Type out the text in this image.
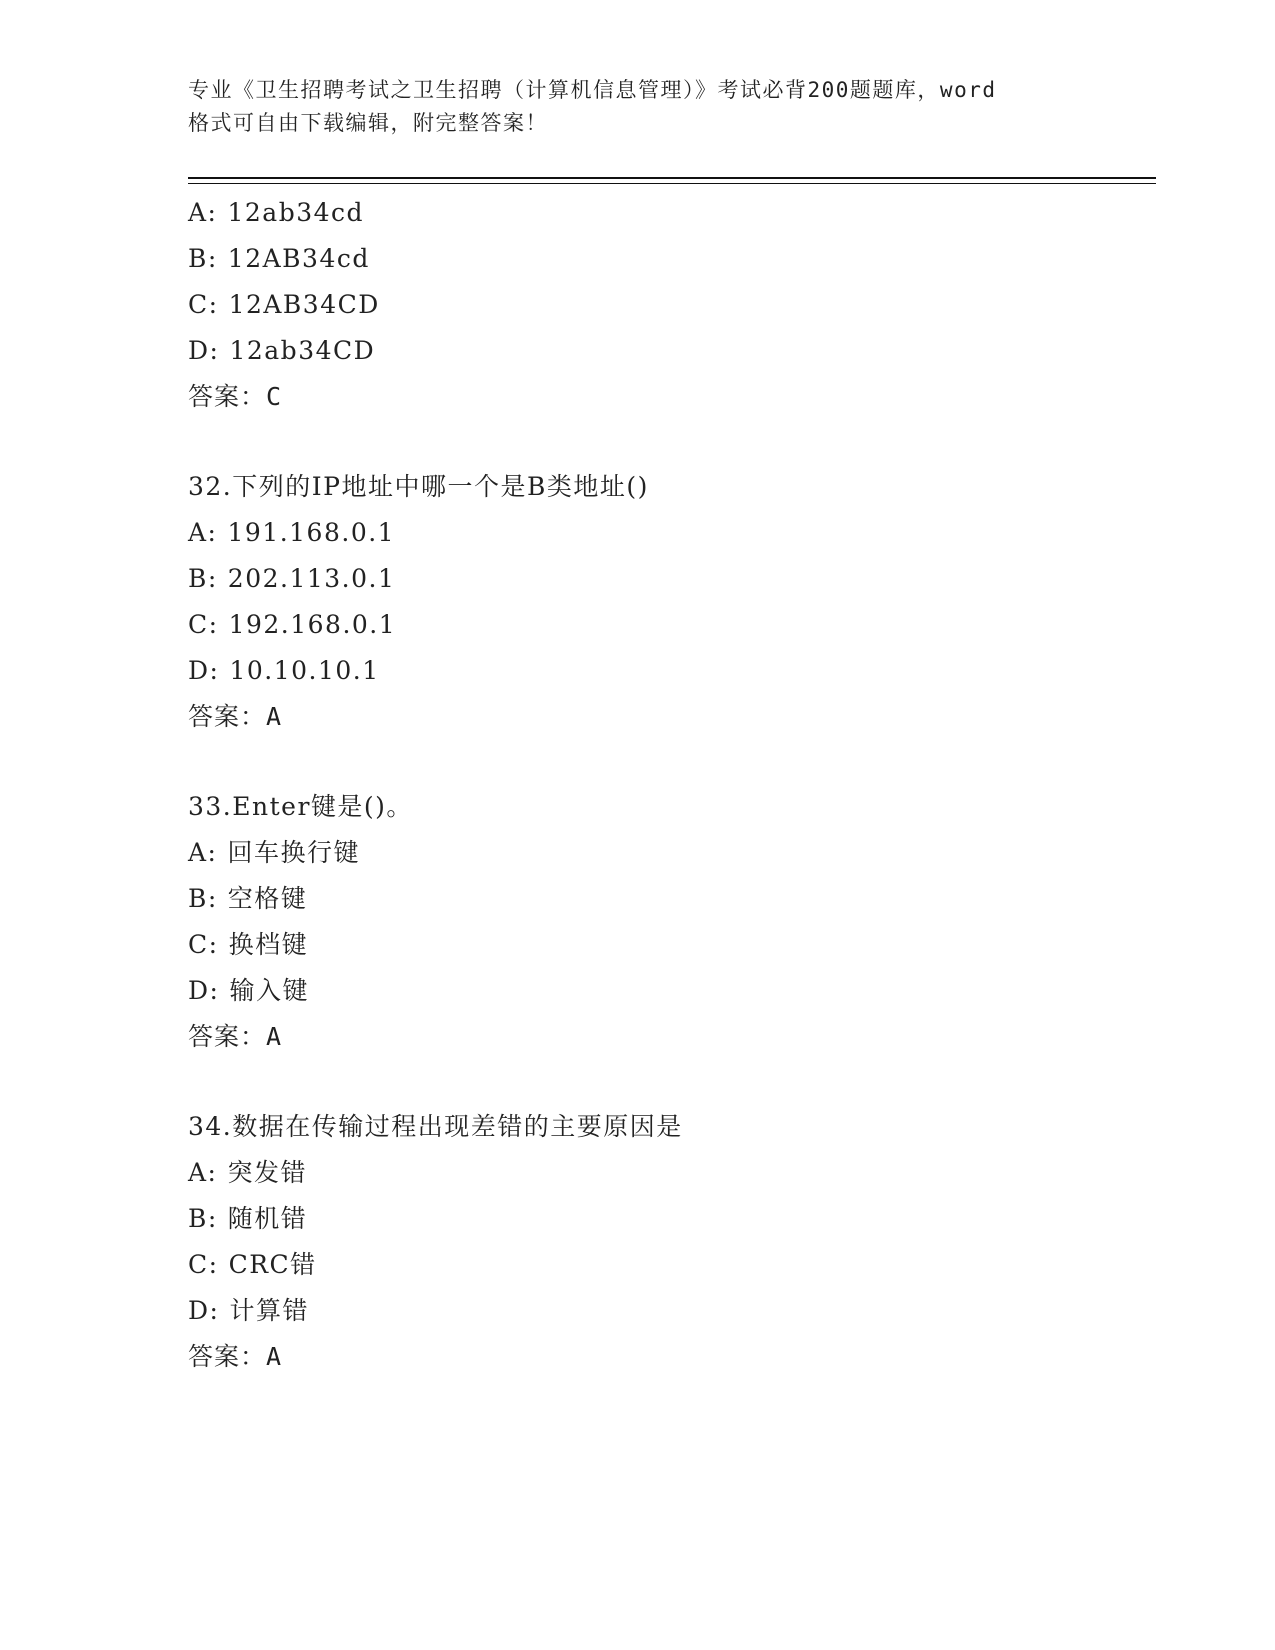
专业《卫生招聘考试之卫生招聘（计算机信息管理）》考试必背200题题库，word
格式可自由下载编辑，附完整答案！
A: 12ab34cd
B: 12AB34cd
C: 12AB34CD
D: 12ab34CD
答案：C
32.下列的IP地址中哪一个是B类地址()
A: 191.168.0.1
B: 202.113.0.1
C: 192.168.0.1
D: 10.10.10.1
答案：A
33.Enter键是()。
A: 回车换行键
B: 空格键
C: 换档键
D: 输入键
答案：A
34.数据在传输过程出现差错的主要原因是
A: 突发错
B: 随机错
C: CRC错
D: 计算错
答案：A
